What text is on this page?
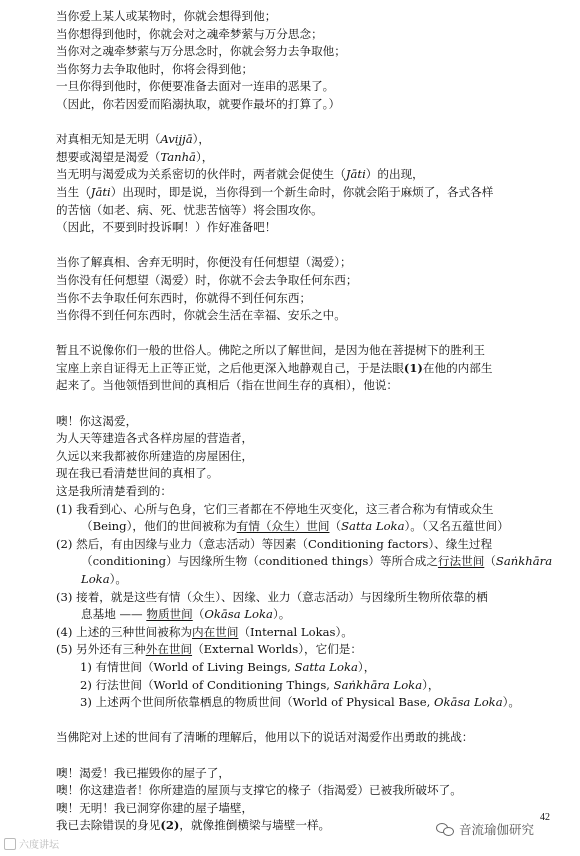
当你爱上某人或某物时，你就会想得到他；
当你想得到他时，你就会对之魂牵梦萦与万分思念；
当你对之魂牵梦萦与万分思念时，你就会努力去争取他；
当你努力去争取他时，你将会得到他；
一旦你得到他时，你便要准备去面对一连串的恶果了。
（因此，你若因爱而陷溺执取，就要作最坏的打算了。）
对真相无知是无明（Avijjā），
想要或渴望是渴爱（Tanhā），
当无明与渴爱成为关系密切的伙伴时，两者就会促使生（Jāti）的出现，
当生（Jāti）出现时，即是说，当你得到一个新生命时，你就会陷于麻烦了，各式各样
的苦恼（如老、病、死、忧悲苦恼等）将会围攻你。
（因此，不要到时投诉啊！）作好准备吧！
当你了解真相、舍弃无明时，你便没有任何想望（渴爱）；
当你没有任何想望（渴爱）时，你就不会去争取任何东西；
当你不去争取任何东西时，你就得不到任何东西；
当你得不到任何东西时，你就会生活在幸福、安乐之中。
暂且不说像你们一般的世俗人。佛陀之所以了解世间，是因为他在菩提树下的胜利王
宝座上亲自证得无上正等正觉，之后他更深入地静观自己，于是法眼(1)在他的内部生
起来了。当他领悟到世间的真相后（指在世间生存的真相），他说：
噢！你这渴爱，
为人天等建造各式各样房屋的营造者，
久远以来我都被你所建造的房屋困住，
现在我已看清楚世间的真相了。
这是我所清楚看到的：
(1) 我看到心、心所与色身，它们三者都在不停地生灭变化，这三者合称为有情或众生
（Being），他们的世间被称为有情（众生）世间（Satta Loka）。（又名五蕴世间）
(2) 然后，有由因缘与业力（意志活动）等因素（Conditioning factors）、缘生过程
（conditioning）与因缘所生物（conditioned things）等所合成之行法世间（Saṅkhāra
Loka）。
(3) 接着，就是这些有情（众生）、因缘、业力（意志活动）与因缘所生物所依靠的栖
息基地 —— 物质世间（Okāsa Loka）。
(4) 上述的三种世间被称为内在世间（Internal Lokas）。
(5) 另外还有三种外在世间（External Worlds），它们是：
1) 有情世间（World of Living Beings, Satta Loka），
2) 行法世间（World of Conditioning Things, Saṅkhāra Loka），
3) 上述两个世间所依靠栖息的物质世间（World of Physical Base, Okāsa Loka）。
当佛陀对上述的世间有了清晰的理解后，他用以下的说话对渴爱作出勇敢的挑战：
噢！渴爱！我已摧毁你的屋子了，
噢！你这建造者！你所建造的屋顶与支撑它的椽子（指渴爱）已被我所破坏了。
噢！无明！我已洞穿你建的屋子墙壁，
我已去除错误的身见(2)，就像推倒横梁与墙壁一样。
42
六度讲坛
音流瑜伽研究
